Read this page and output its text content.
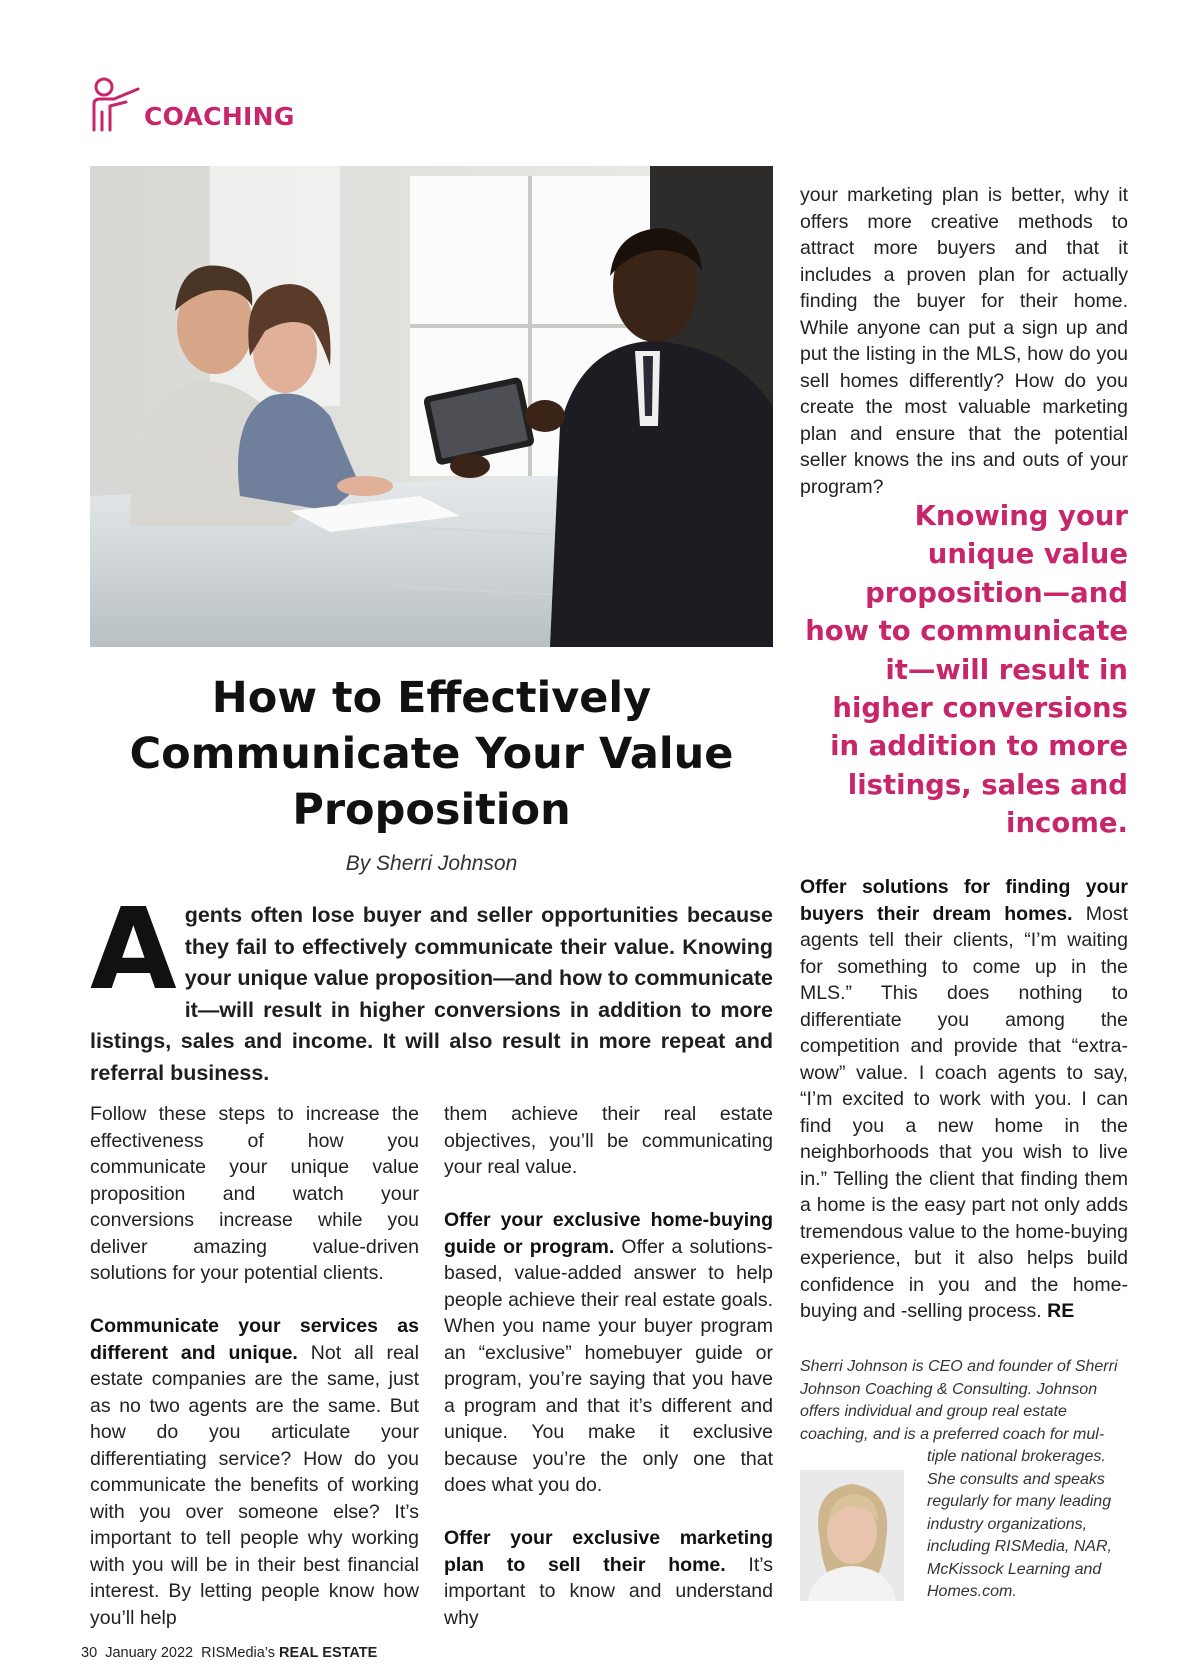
COACHING
How to Effectively
Communicate Your Value
Proposition
By Sherri Johnson
Agents often lose buyer and seller opportunities because they fail to effectively communicate their value. Knowing your unique value proposition—and how to communicate it—will result in higher conversions in addition to more listings, sales and income. It will also result in more repeat and referral business.

Follow these steps to increase the effectiveness of how you communicate your unique value proposition and watch your conversions increase while you deliver amazing value-driven solutions for your potential clients.

Communicate your services as different and unique. Not all real estate companies are the same, just as no two agents are the same. But how do you articulate your differentiating service? How do you communicate the benefits of working with you over someone else? It’s important to tell people why working with you will be in their best financial interest. By letting people know how you’ll help

them achieve their real estate objectives, you’ll be communicating your real value.

Offer your exclusive home-buying guide or program. Offer a solutions-based, value-added answer to help people achieve their real estate goals. When you name your buyer program an “exclusive” homebuyer guide or program, you’re saying that you have a program and that it’s different and unique. You make it exclusive because you’re the only one that does what you do.

Offer your exclusive marketing plan to sell their home. It’s important to know and understand why

your marketing plan is better, why it offers more creative methods to attract more buyers and that it includes a proven plan for actually finding the buyer for their home. While anyone can put a sign up and put the listing in the MLS, how do you sell homes differently? How do you create the most valuable marketing plan and ensure that the potential seller knows the ins and outs of your program?

Knowing your unique value proposition—and how to communicate it—will result in higher conversions in addition to more listings, sales and income.

Offer solutions for finding your buyers their dream homes. Most agents tell their clients, “I’m waiting for something to come up in the MLS.” This does nothing to differentiate you among the competition and provide that “extra-wow” value. I coach agents to say, “I’m excited to work with you. I can find you a new home in the neighborhoods that you wish to live in.” Telling the client that finding them a home is the easy part not only adds tremendous value to the home-buying experience, but it also helps build confidence in you and the home-buying and -selling process. RE

Sherri Johnson is CEO and founder of Sherri Johnson Coaching & Consulting. Johnson offers individual and group real estate coaching, and is a preferred coach for mul-
tiple national brokerages. She consults and speaks regularly for many leading industry organizations, including RISMedia, NAR, McKissock Learning and Homes.com.
30 January 2022 RISMedia’s REAL ESTATE
